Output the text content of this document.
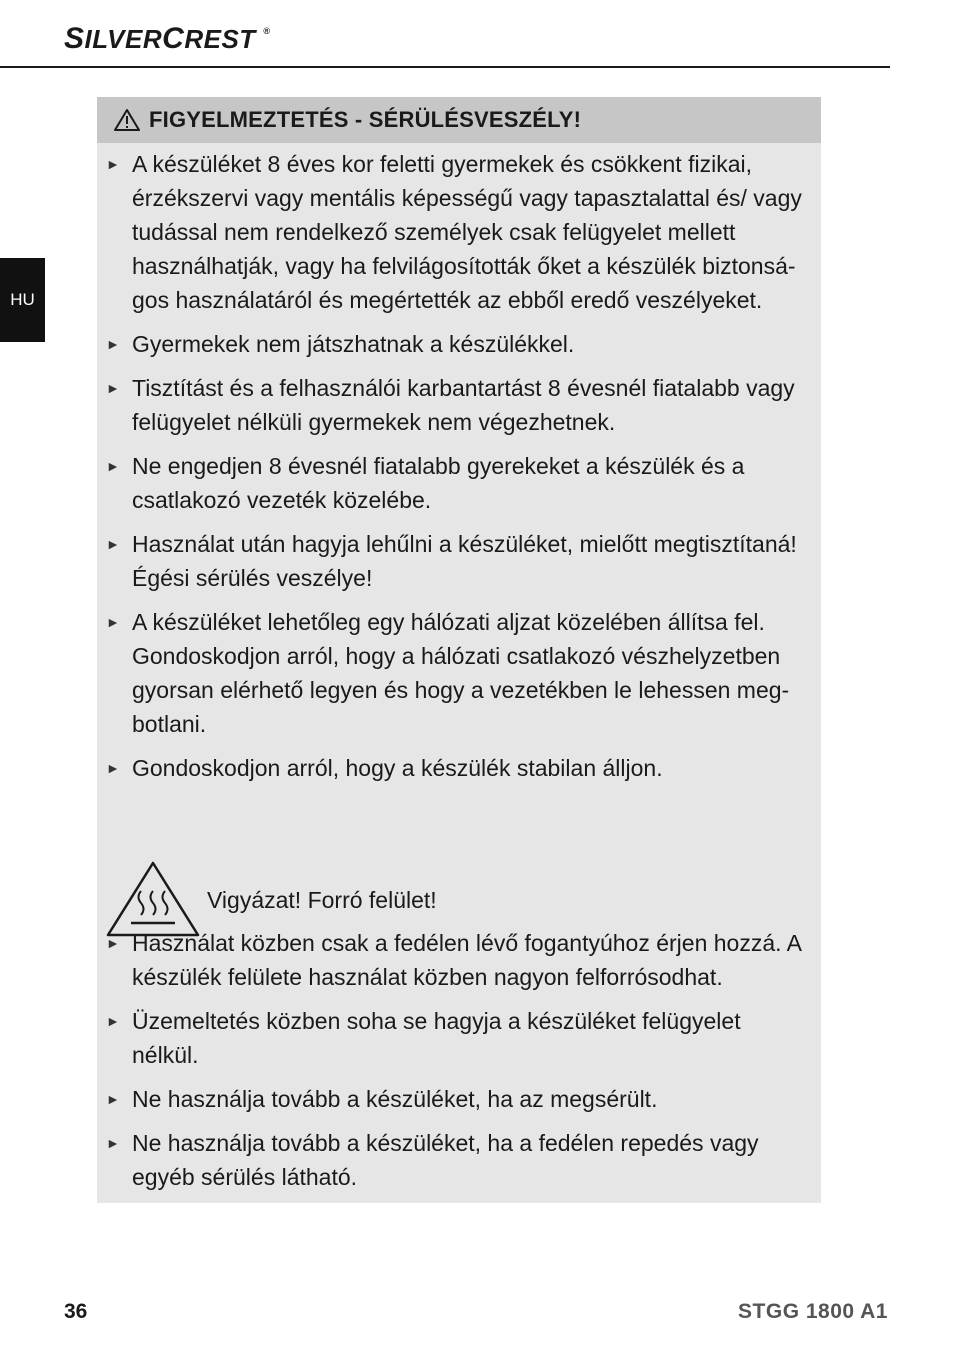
SILVERCREST ®
HU
FIGYELMEZTETÉS - SÉRÜLÉSVESZÉLY!
► A készüléket 8 éves kor feletti gyermekek és csökkent fizikai, érzékszervi vagy mentális képességű vagy tapasztalattal és/ vagy tudással nem rendelkező személyek csak felügyelet mellett használhatják, vagy ha felvilágosították őket a készülék biztonsá- gos használatáról és megértették az ebből eredő veszélyeket.
► Gyermekek nem játszhatnak a készülékkel.
► Tisztítást és a felhasználói karbantartást 8 évesnél fiatalabb vagy felügyelet nélküli gyermekek nem végezhetnek.
► Ne engedjen 8 évesnél fiatalabb gyerekeket a készülék és a csatlakozó vezeték közelébe.
► Használat után hagyja lehűlni a készüléket, mielőtt megtisztítaná! Égési sérülés veszélye!
► A készüléket lehetőleg egy hálózati aljzat közelében állítsa fel. Gondoskodjon arról, hogy a hálózati csatlakozó vészhelyzetben gyorsan elérhető legyen és hogy a vezetékben le lehessen meg- botlani.
► Gondoskodjon arról, hogy a készülék stabilan álljon.
Vigyázat! Forró felület!
► Használat közben csak a fedélen lévő fogantyúhoz érjen hozzá. A készülék felülete használat közben nagyon felforrósodhat.
► Üzemeltetés közben soha se hagyja a készüléket felügyelet nélkül.
► Ne használja tovább a készüléket, ha az megsérült.
► Ne használja tovább a készüléket, ha a fedélen repedés vagy egyéb sérülés látható.
36	STGG 1800 A1
